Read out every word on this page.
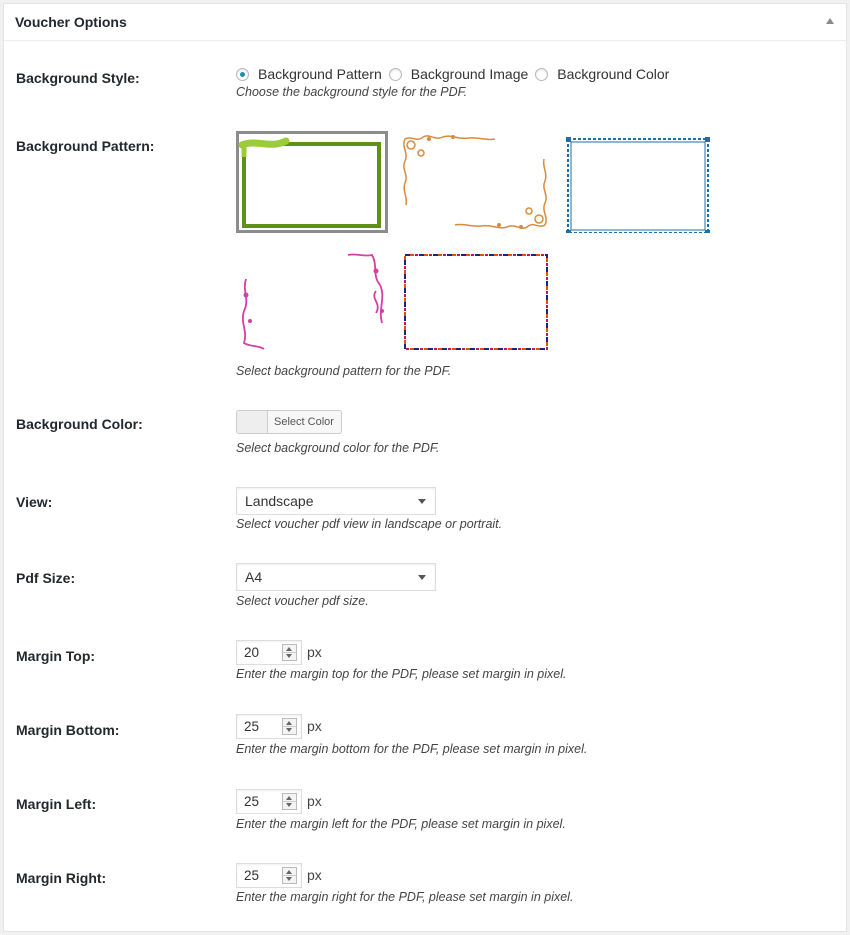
Voucher Options
Background Style:	Background Pattern Background Image Background Color
Choose the background style for the PDF.
Background Pattern:
Select background pattern for the PDF.
Background Color:	Select Color
Select background color for the PDF.
View:	Landscape
Select voucher pdf view in landscape or portrait.
Pdf Size:	A4
Select voucher pdf size.
Margin Top:	20	px
Enter the margin top for the PDF, please set margin in pixel.
Margin Bottom:	25	px
Enter the margin bottom for the PDF, please set margin in pixel.
Margin Left:	25	px
Enter the margin left for the PDF, please set margin in pixel.
Margin Right:	25	px
Enter the margin right for the PDF, please set margin in pixel.
